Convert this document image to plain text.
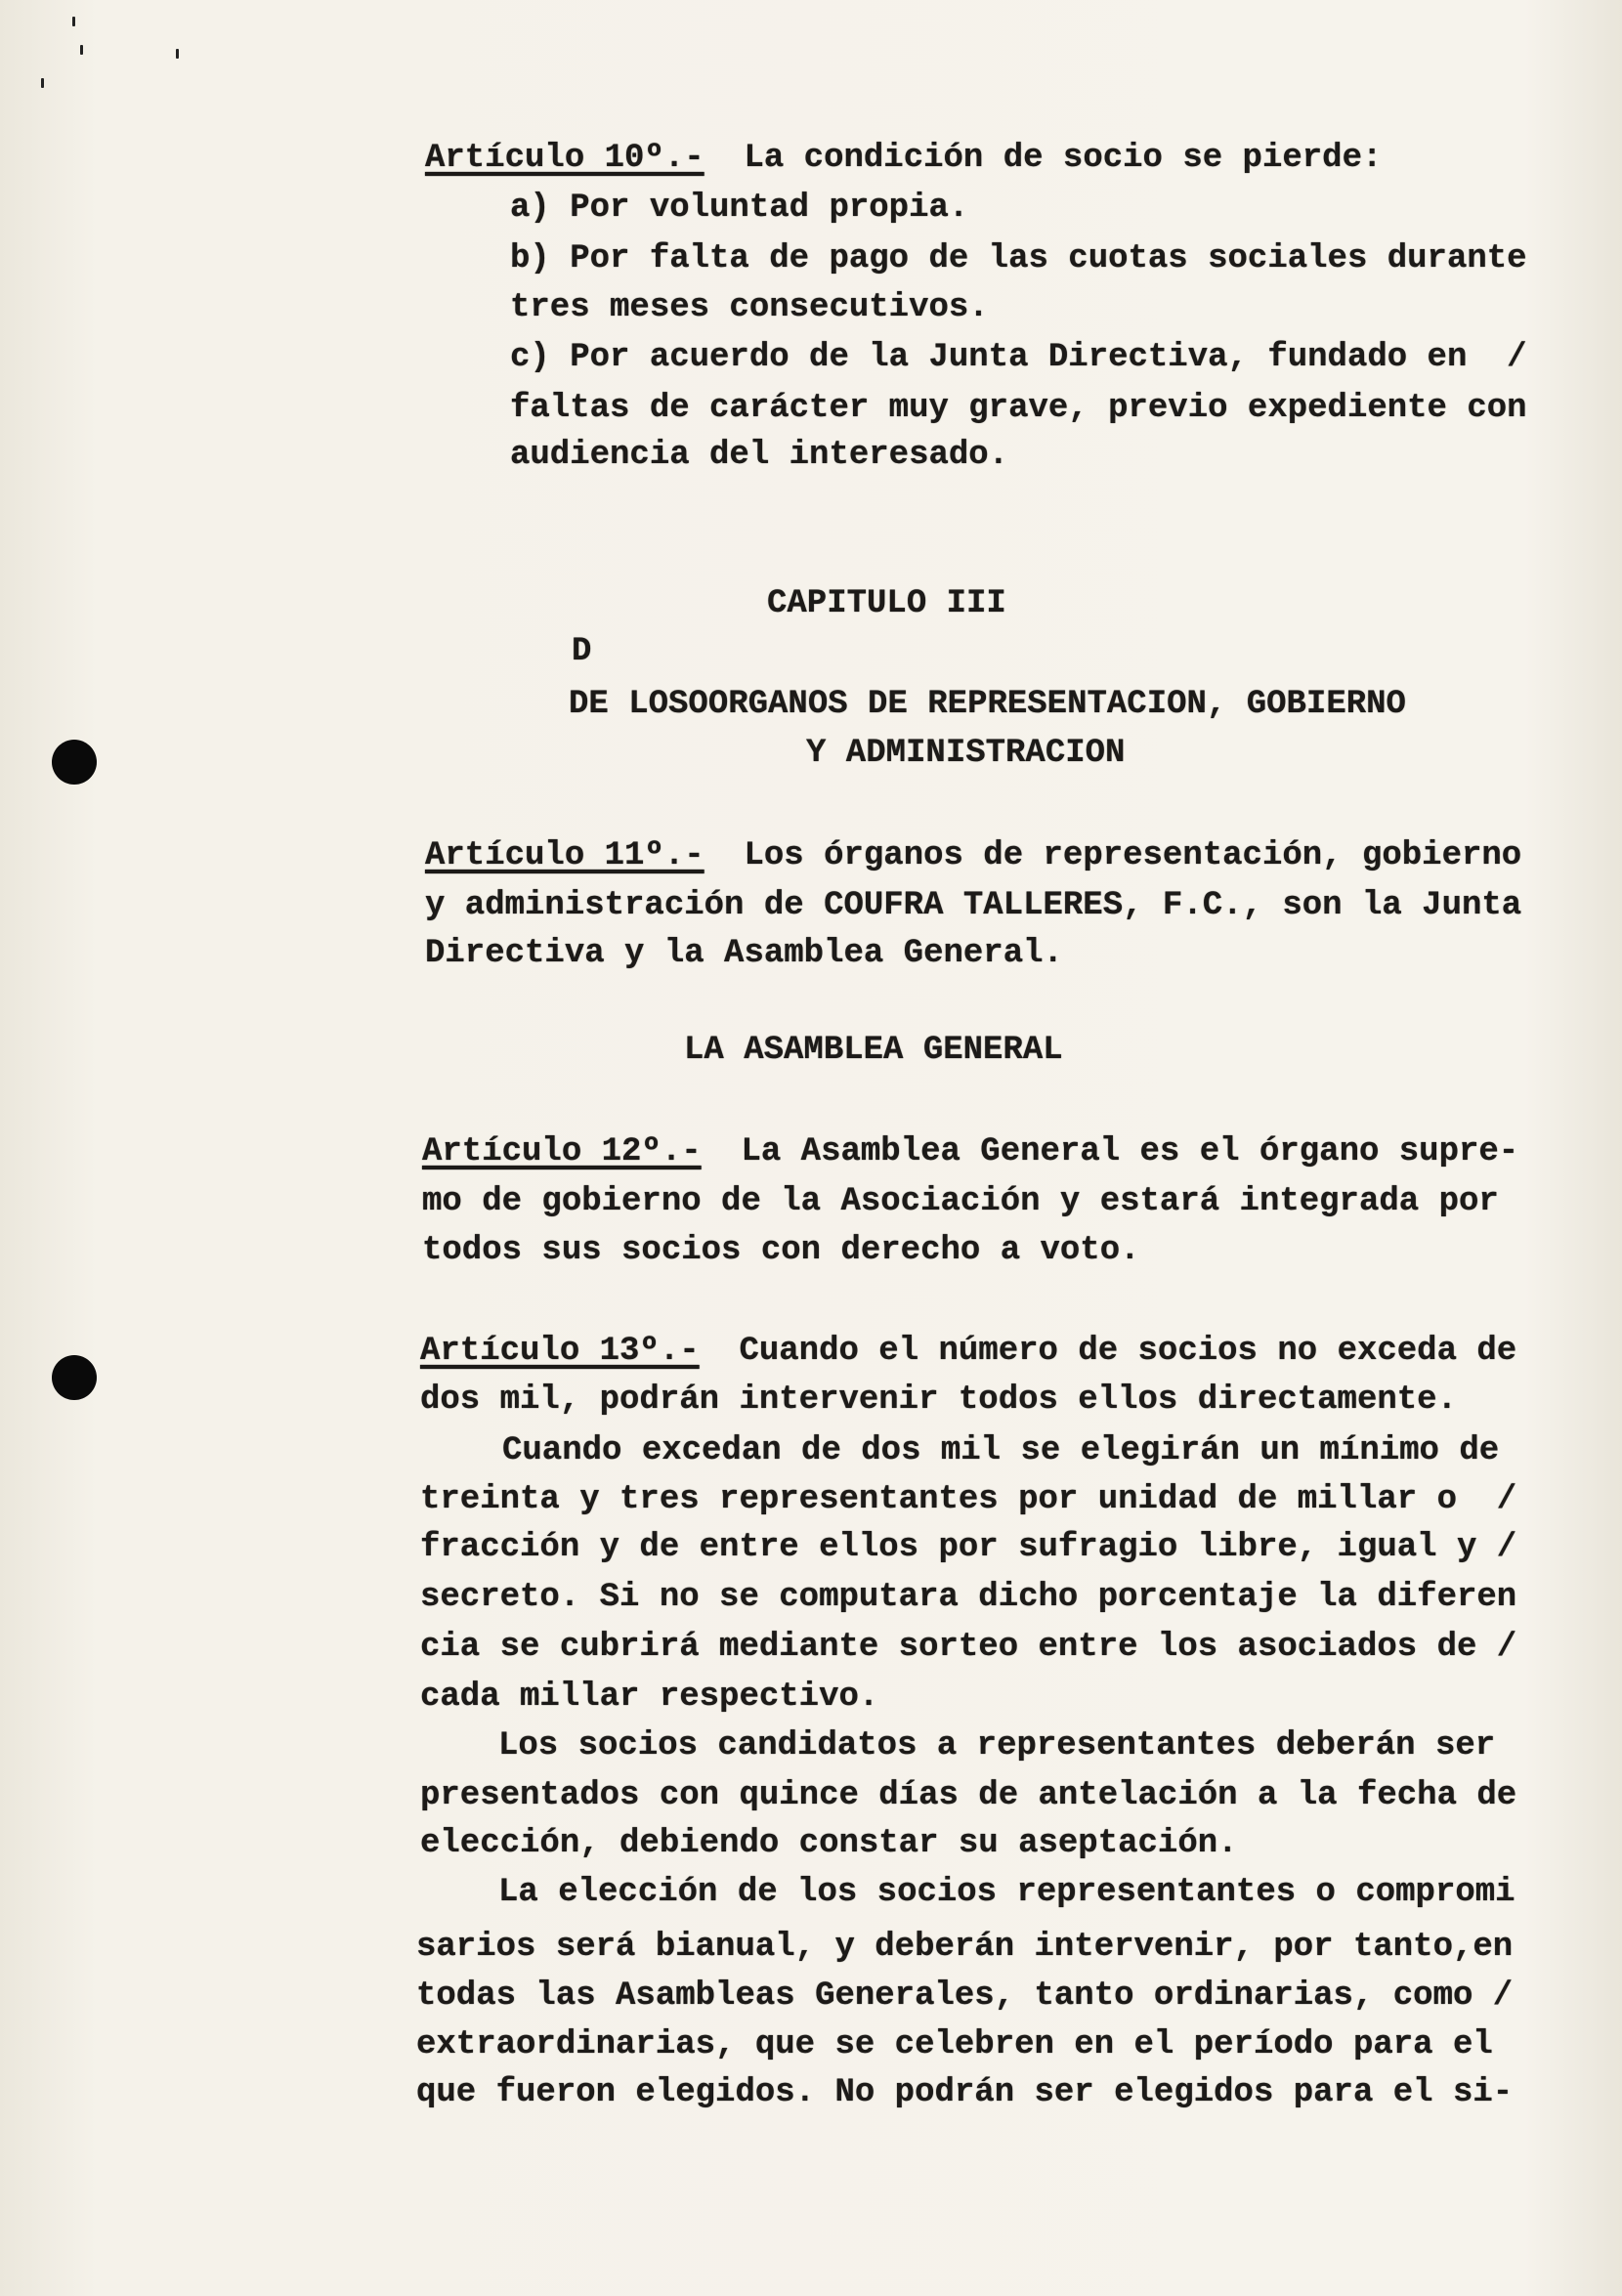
Artículo 10º.-  La condición de socio se pierde:
a) Por voluntad propia.
b) Por falta de pago de las cuotas sociales durante
tres meses consecutivos.
c) Por acuerdo de la Junta Directiva, fundado en  /
faltas de carácter muy grave, previo expediente con
audiencia del interesado.
CAPITULO III
D
DE LOSOORGANOS DE REPRESENTACION, GOBIERNO
Y ADMINISTRACION
Artículo 11º.-  Los órganos de representación, gobierno
y administración de COUFRA TALLERES, F.C., son la Junta
Directiva y la Asamblea General.
LA ASAMBLEA GENERAL
Artículo 12º.-  La Asamblea General es el órgano supre-
mo de gobierno de la Asociación y estará integrada por
todos sus socios con derecho a voto.
Artículo 13º.-  Cuando el número de socios no exceda de
dos mil, podrán intervenir todos ellos directamente.
Cuando excedan de dos mil se elegirán un mínimo de
treinta y tres representantes por unidad de millar o  /
fracción y de entre ellos por sufragio libre, igual y /
secreto. Si no se computara dicho porcentaje la diferen
cia se cubrirá mediante sorteo entre los asociados de /
cada millar respectivo.
Los socios candidatos a representantes deberán ser
presentados con quince días de antelación a la fecha de
elección, debiendo constar su aseptación.
La elección de los socios representantes o compromi
sarios será bianual, y deberán intervenir, por tanto,en
todas las Asambleas Generales, tanto ordinarias, como /
extraordinarias, que se celebren en el período para el
que fueron elegidos. No podrán ser elegidos para el si-
